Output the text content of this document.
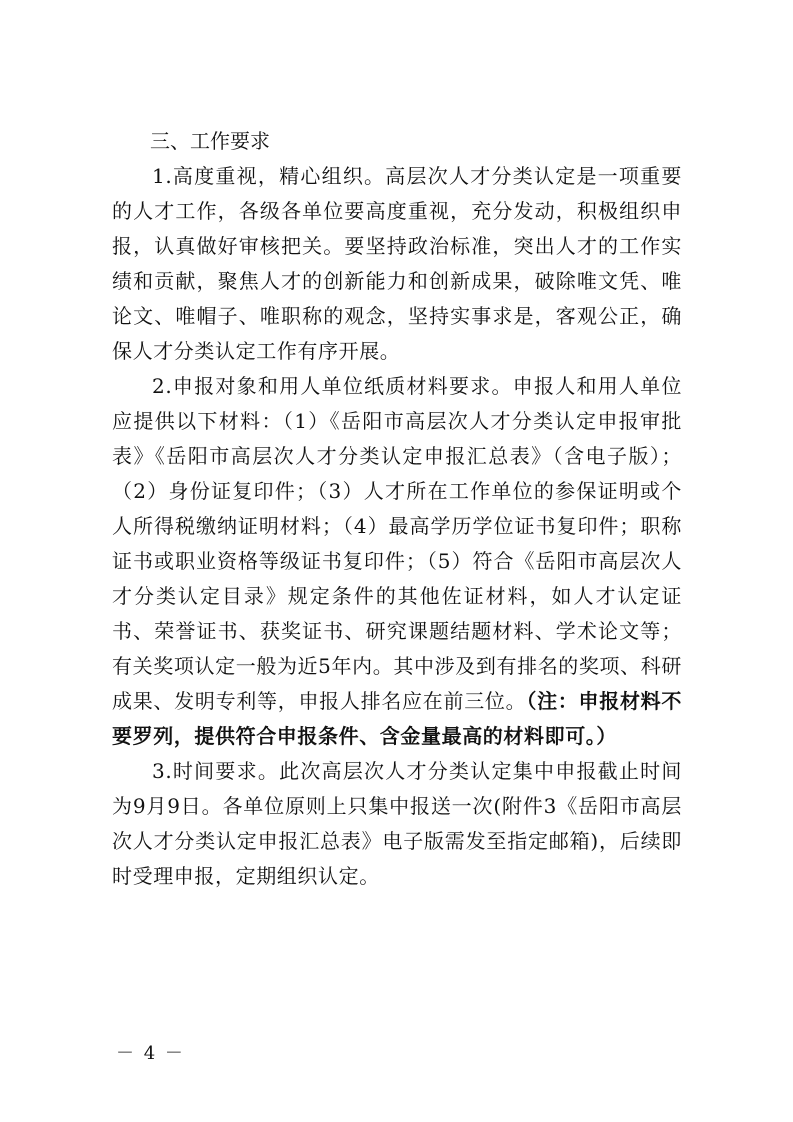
三、工作要求

1.高度重视，精心组织。高层次人才分类认定是一项重要的人才工作，各级各单位要高度重视，充分发动，积极组织申报，认真做好审核把关。要坚持政治标准，突出人才的工作实绩和贡献，聚焦人才的创新能力和创新成果，破除唯文凭、唯论文、唯帽子、唯职称的观念，坚持实事求是，客观公正，确保人才分类认定工作有序开展。

2.申报对象和用人单位纸质材料要求。申报人和用人单位应提供以下材料：（1）《岳阳市高层次人才分类认定申报审批表》《岳阳市高层次人才分类认定申报汇总表》（含电子版）；（2）身份证复印件；（3）人才所在工作单位的参保证明或个人所得税缴纳证明材料；（4）最高学历学位证书复印件；职称证书或职业资格等级证书复印件；（5）符合《岳阳市高层次人才分类认定目录》规定条件的其他佐证材料，如人才认定证书、荣誉证书、获奖证书、研究课题结题材料、学术论文等；有关奖项认定一般为近5年内。其中涉及到有排名的奖项、科研成果、发明专利等，申报人排名应在前三位。（注：申报材料不要罗列，提供符合申报条件、含金量最高的材料即可。）

3.时间要求。此次高层次人才分类认定集中申报截止时间为9月9日。各单位原则上只集中报送一次(附件3《岳阳市高层次人才分类认定申报汇总表》电子版需发至指定邮箱)，后续即时受理申报，定期组织认定。

－ 4 －
